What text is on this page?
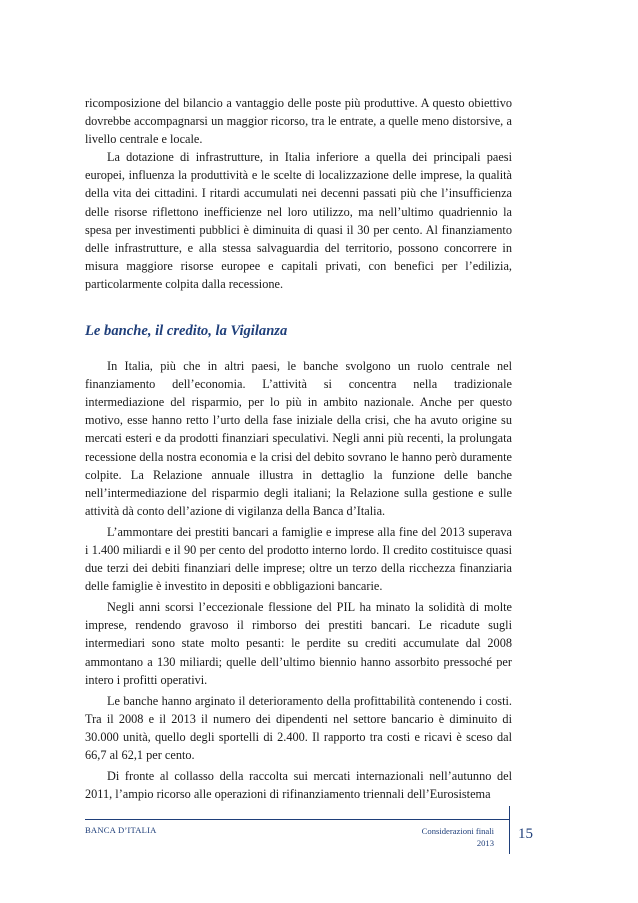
ricomposizione del bilancio a vantaggio delle poste più produttive. A questo obiettivo dovrebbe accompagnarsi un maggior ricorso, tra le entrate, a quelle meno distorsive, a livello centrale e locale.

La dotazione di infrastrutture, in Italia inferiore a quella dei principali paesi europei, influenza la produttività e le scelte di localizzazione delle imprese, la qualità della vita dei cittadini. I ritardi accumulati nei decenni passati più che l’insufficienza delle risorse riflettono inefficienze nel loro utilizzo, ma nell’ultimo quadriennio la spesa per investimenti pubblici è diminuita di quasi il 30 per cento. Al finanziamento delle infrastrutture, e alla stessa salvaguardia del territorio, possono concorrere in misura maggiore risorse europee e capitali privati, con benefici per l’edilizia, particolarmente colpita dalla recessione.

Le banche, il credito, la Vigilanza

In Italia, più che in altri paesi, le banche svolgono un ruolo centrale nel finanziamento dell’economia. L’attività si concentra nella tradizionale intermediazione del risparmio, per lo più in ambito nazionale. Anche per questo motivo, esse hanno retto l’urto della fase iniziale della crisi, che ha avuto origine su mercati esteri e da prodotti finanziari speculativi. Negli anni più recenti, la prolungata recessione della nostra economia e la crisi del debito sovrano le hanno però duramente colpite. La Relazione annuale illustra in dettaglio la funzione delle banche nell’intermediazione del risparmio degli italiani; la Relazione sulla gestione e sulle attività dà conto dell’azione di vigilanza della Banca d’Italia.

L’ammontare dei prestiti bancari a famiglie e imprese alla fine del 2013 superava i 1.400 miliardi e il 90 per cento del prodotto interno lordo. Il credito costituisce quasi due terzi dei debiti finanziari delle imprese; oltre un terzo della ricchezza finanziaria delle famiglie è investito in depositi e obbligazioni bancarie.

Negli anni scorsi l’eccezionale flessione del PIL ha minato la solidità di molte imprese, rendendo gravoso il rimborso dei prestiti bancari. Le ricadute sugli intermediari sono state molto pesanti: le perdite su crediti accumulate dal 2008 ammontano a 130 miliardi; quelle dell’ultimo biennio hanno assorbito pressoché per intero i profitti operativi.

Le banche hanno arginato il deterioramento della profittabilità contenendo i costi. Tra il 2008 e il 2013 il numero dei dipendenti nel settore bancario è diminuito di 30.000 unità, quello degli sportelli di 2.400. Il rapporto tra costi e ricavi è sceso dal 66,7 al 62,1 per cento.

Di fronte al collasso della raccolta sui mercati internazionali nell’autunno del 2011, l’ampio ricorso alle operazioni di rifinanziamento triennali dell’Eurosistema

BANCA D’ITALIA	Considerazioni finali
2013
15
